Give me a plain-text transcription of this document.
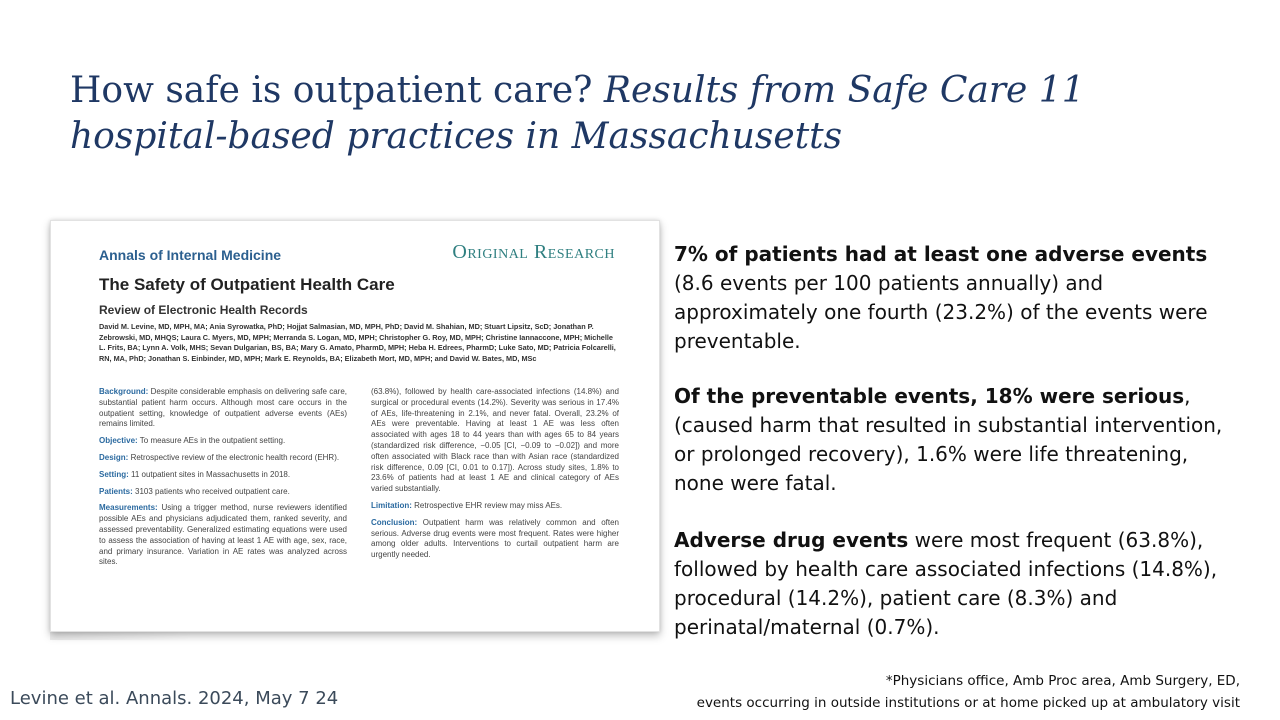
How safe is outpatient care? Results from Safe Care 11
hospital-based practices in Massachusetts
Annals of Internal Medicine	Original Research
The Safety of Outpatient Health Care
Review of Electronic Health Records
David M. Levine, MD, MPH, MA; Ania Syrowatka, PhD; Hojjat Salmasian, MD, MPH, PhD; David M. Shahian, MD; Stuart Lipsitz, ScD; Jonathan P. Zebrowski, MD, MHQS; Laura C. Myers, MD, MPH; Merranda S. Logan, MD, MPH; Christopher G. Roy, MD, MPH; Christine Iannaccone, MPH; Michelle L. Frits, BA; Lynn A. Volk, MHS; Sevan Dulgarian, BS, BA; Mary G. Amato, PharmD, MPH; Heba H. Edrees, PharmD; Luke Sato, MD; Patricia Folcarelli, RN, MA, PhD; Jonathan S. Einbinder, MD, MPH; Mark E. Reynolds, BA; Elizabeth Mort, MD, MPH; and David W. Bates, MD, MSc

Background: Despite considerable emphasis on delivering safe care, substantial patient harm occurs. Although most care occurs in the outpatient setting, knowledge of outpatient adverse events (AEs) remains limited.

Objective: To measure AEs in the outpatient setting.

Design: Retrospective review of the electronic health record (EHR).

Setting: 11 outpatient sites in Massachusetts in 2018.

Patients: 3103 patients who received outpatient care.

Measurements: Using a trigger method, nurse reviewers identified possible AEs and physicians adjudicated them, ranked severity, and assessed preventability. Generalized estimating equations were used to assess the association of having at least 1 AE with age, sex, race, and primary insurance. Variation in AE rates was analyzed across sites.

(63.8%), followed by health care-associated infections (14.8%) and surgical or procedural events (14.2%). Severity was serious in 17.4% of AEs, life-threatening in 2.1%, and never fatal. Overall, 23.2% of AEs were preventable. Having at least 1 AE was less often associated with ages 18 to 44 years than with ages 65 to 84 years (standardized risk difference, −0.05 [CI, −0.09 to −0.02]) and more often associated with Black race than with Asian race (standardized risk difference, 0.09 [CI, 0.01 to 0.17]). Across study sites, 1.8% to 23.6% of patients had at least 1 AE and clinical category of AEs varied substantially.

Limitation: Retrospective EHR review may miss AEs.

Conclusion: Outpatient harm was relatively common and often serious. Adverse drug events were most frequent. Rates were higher among older adults. Interventions to curtail outpatient harm are urgently needed.

7% of patients had at least one adverse events (8.6 events per 100 patients annually) and approximately one fourth (23.2%) of the events were preventable.

Of the preventable events, 18% were serious, (caused harm that resulted in substantial intervention, or prolonged recovery), 1.6% were life threatening, none were fatal.

Adverse drug events were most frequent (63.8%), followed by health care associated infections (14.8%), procedural (14.2%), patient care (8.3%) and perinatal/maternal (0.7%).

Levine et al. Annals. 2024, May 7 24
*Physicians office, Amb Proc area, Amb Surgery, ED,
events occurring in outside institutions or at home picked up at ambulatory visit
